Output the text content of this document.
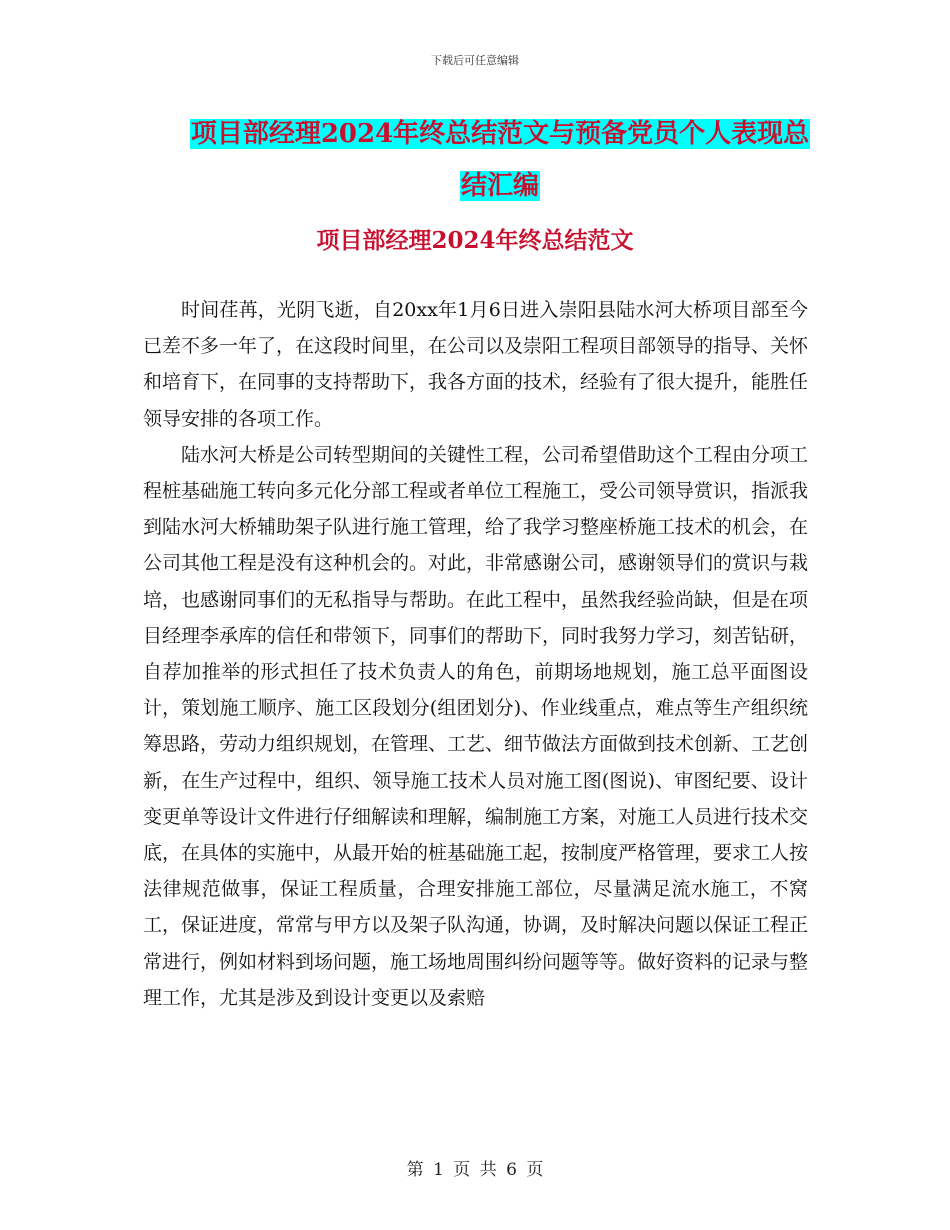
下载后可任意编辑
项目部经理2024年终总结范文与预备党员个人表现总
结汇编
项目部经理2024年终总结范文

时间荏苒，光阴飞逝，自20xx年1月6日进入崇阳县陆水河大桥项目部至今已差不多一年了，在这段时间里，在公司以及崇阳工程项目部领导的指导、关怀和培育下，在同事的支持帮助下，我各方面的技术，经验有了很大提升，能胜任领导安排的各项工作。

陆水河大桥是公司转型期间的关键性工程，公司希望借助这个工程由分项工程桩基础施工转向多元化分部工程或者单位工程施工，受公司领导赏识，指派我到陆水河大桥辅助架子队进行施工管理，给了我学习整座桥施工技术的机会，在公司其他工程是没有这种机会的。对此，非常感谢公司，感谢领导们的赏识与栽培，也感谢同事们的无私指导与帮助。在此工程中，虽然我经验尚缺，但是在项目经理李承库的信任和带领下，同事们的帮助下，同时我努力学习，刻苦钻研，自荐加推举的形式担任了技术负责人的角色，前期场地规划，施工总平面图设计，策划施工顺序、施工区段划分(组团划分)、作业线重点，难点等生产组织统筹思路，劳动力组织规划，在管理、工艺、细节做法方面做到技术创新、工艺创新，在生产过程中，组织、领导施工技术人员对施工图(图说)、审图纪要、设计变更单等设计文件进行仔细解读和理解，编制施工方案，对施工人员进行技术交底，在具体的实施中，从最开始的桩基础施工起，按制度严格管理，要求工人按法律规范做事，保证工程质量，合理安排施工部位，尽量满足流水施工，不窝工，保证进度，常常与甲方以及架子队沟通，协调，及时解决问题以保证工程正常进行，例如材料到场问题，施工场地周围纠纷问题等等。做好资料的记录与整理工作，尤其是涉及到设计变更以及索赔

第 1 页 共 6 页
